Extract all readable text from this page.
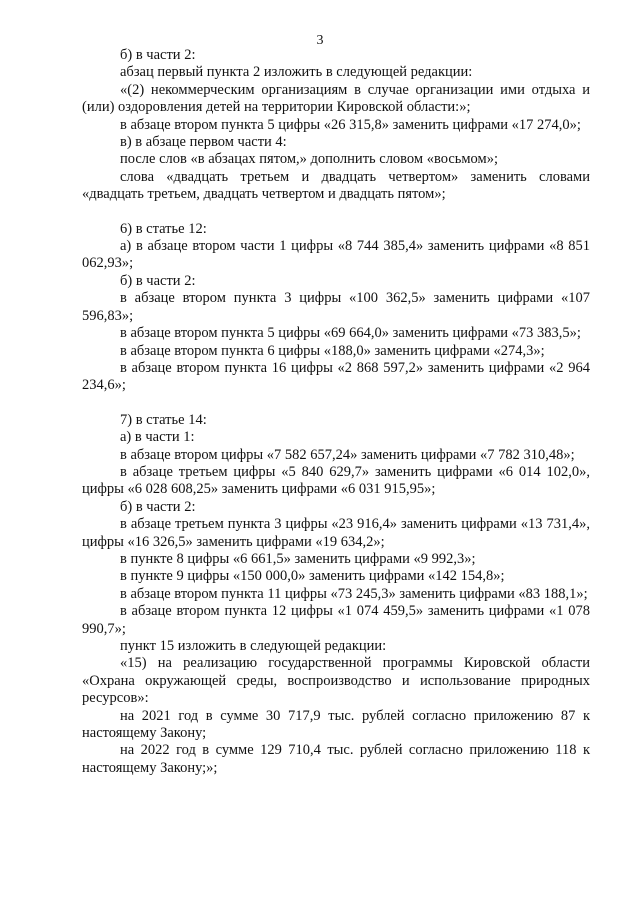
3

б) в части 2:

абзац первый пункта 2 изложить в следующей редакции:

«(2) некоммерческим организациям в случае организации ими отдыха и

(или) оздоровления детей на территории Кировской области:»;

в абзаце втором пункта 5 цифры «26 315,8» заменить цифрами «17 274,0»;

в) в абзаце первом части 4:

после слов «в абзацах пятом,» дополнить словом «восьмом»;

слова «двадцать третьем и двадцать четвертом» заменить словами «двадцать третьем, двадцать четвертом и двадцать пятом»;

6) в статье 12:

а) в абзаце втором части 1 цифры «8 744 385,4» заменить цифрами «8 851 062,93»;

б) в части 2:

в абзаце втором пункта 3 цифры «100 362,5» заменить цифрами «107 596,83»;

в абзаце втором пункта 5 цифры «69 664,0» заменить цифрами «73 383,5»;

в абзаце втором пункта 6 цифры «188,0» заменить цифрами «274,3»;

в абзаце втором пункта 16 цифры «2 868 597,2» заменить цифрами «2 964 234,6»;

7) в статье 14:

а) в части 1:

в абзаце втором цифры «7 582 657,24» заменить цифрами «7 782 310,48»;

в абзаце третьем цифры «5 840 629,7» заменить цифрами «6 014 102,0», цифры «6 028 608,25» заменить цифрами «6 031 915,95»;

б) в части 2:

в абзаце третьем пункта 3 цифры «23 916,4» заменить цифрами «13 731,4», цифры «16 326,5» заменить цифрами «19 634,2»;

в пункте 8 цифры «6 661,5» заменить цифрами «9 992,3»;

в пункте 9 цифры «150 000,0» заменить цифрами «142 154,8»;

в абзаце втором пункта 11 цифры «73 245,3» заменить цифрами «83 188,1»;

в абзаце втором пункта 12 цифры «1 074 459,5» заменить цифрами «1 078 990,7»;

пункт 15 изложить в следующей редакции:

«15) на реализацию государственной программы Кировской области «Охрана окружающей среды, воспроизводство и использование природных ресурсов»:

на 2021 год в сумме 30 717,9 тыс. рублей согласно приложению 87 к настоящему Закону;

на 2022 год в сумме 129 710,4 тыс. рублей согласно приложению 118 к настоящему Закону;»;
